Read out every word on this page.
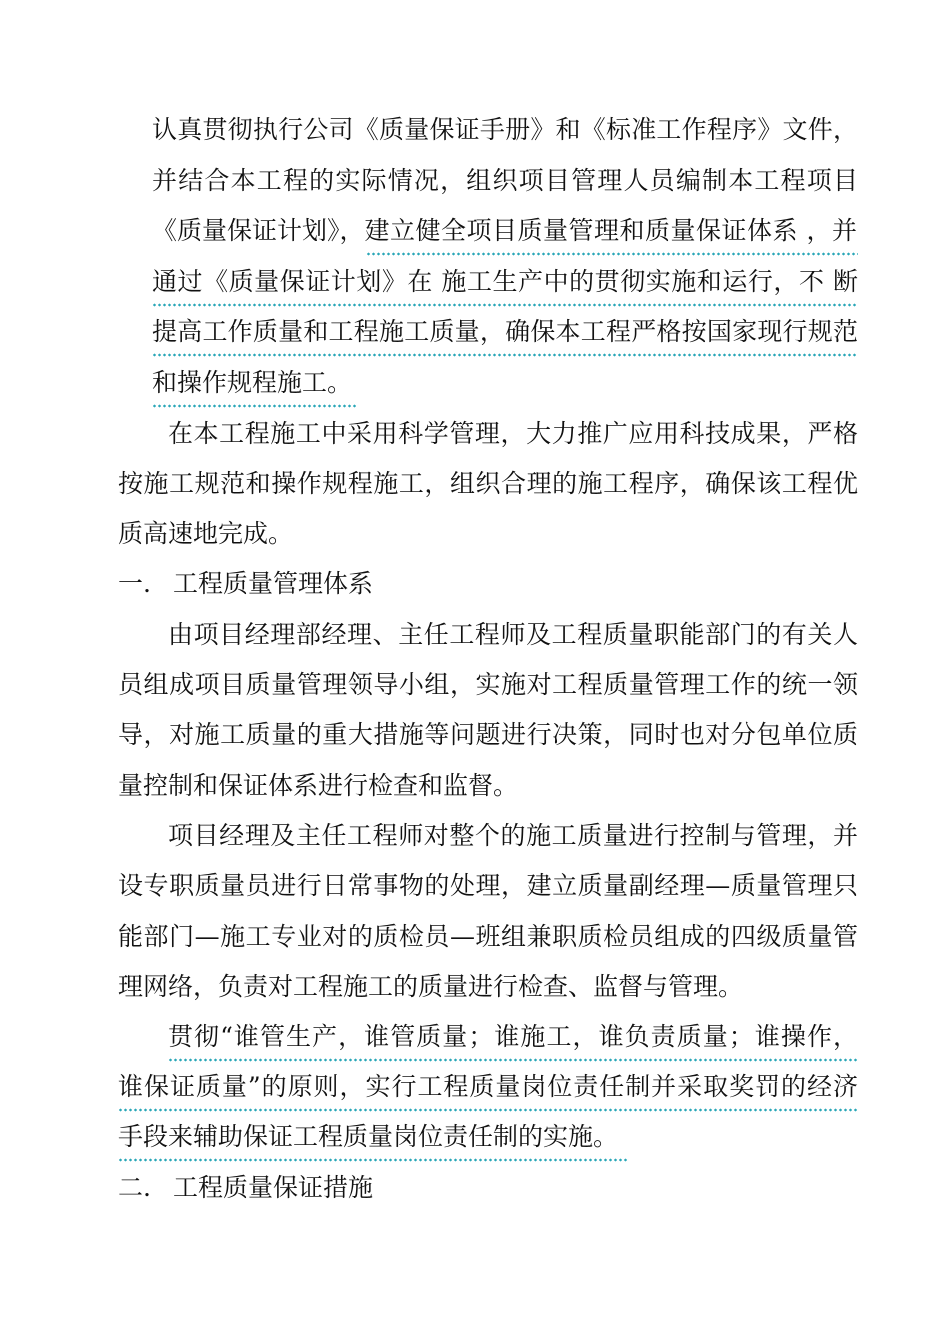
认真贯彻执行公司《质量保证手册》和《标准工作程序》文件，
并结合本工程的实际情况，组织项目管理人员编制本工程项目
《质量保证计划》，建立健全项目质量管理和质量保证体系 ，并
通过《质量保证计划》在 施工生产中的贯彻实施和运行，不 断
提高工作质量和工程施工质量，确保本工程严格按国家现行规范
和操作规程施工。
在本工程施工中采用科学管理，大力推广应用科技成果，严格
按施工规范和操作规程施工，组织合理的施工程序，确保该工程优
质高速地完成。
一. 工程质量管理体系
由项目经理部经理、主任工程师及工程质量职能部门的有关人
员组成项目质量管理领导小组，实施对工程质量管理工作的统一领
导，对施工质量的重大措施等问题进行决策，同时也对分包单位质
量控制和保证体系进行检查和监督。
项目经理及主任工程师对整个的施工质量进行控制与管理，并
设专职质量员进行日常事物的处理，建立质量副经理—质量管理只
能部门—施工专业对的质检员—班组兼职质检员组成的四级质量管
理网络，负责对工程施工的质量进行检查、监督与管理。
贯彻“谁管生产，谁管质量；谁施工，谁负责质量；谁操作，
谁保证质量”的原则，实行工程质量岗位责任制并采取奖罚的经济
手段来辅助保证工程质量岗位责任制的实施。
二. 工程质量保证措施
